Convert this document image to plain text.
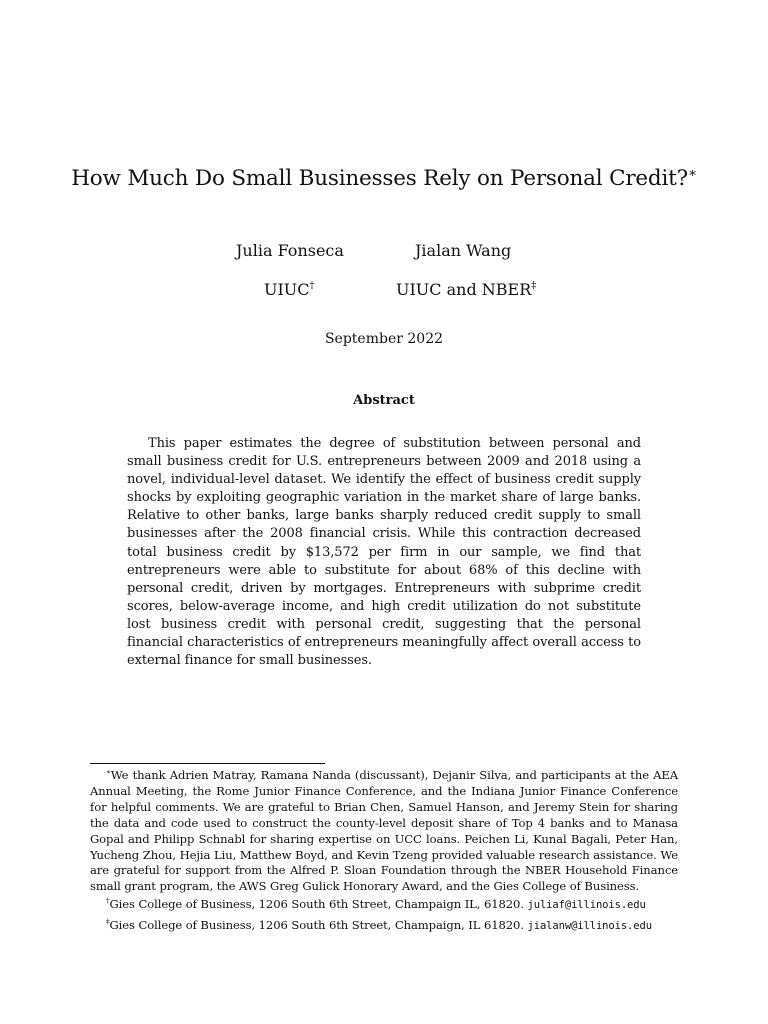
How Much Do Small Businesses Rely on Personal Credit?∗
Julia Fonseca	Jialan Wang
UIUC†	UIUC and NBER‡
September 2022
Abstract
This paper estimates the degree of substitution between personal and small business credit for U.S. entrepreneurs between 2009 and 2018 using a novel, individual-level dataset. We identify the effect of business credit supply shocks by exploiting geographic variation in the market share of large banks. Relative to other banks, large banks sharply reduced credit supply to small businesses after the 2008 financial crisis. While this contraction decreased total business credit by $13,572 per firm in our sample, we find that entrepreneurs were able to substitute for about 68% of this decline with personal credit, driven by mortgages. Entrepreneurs with subprime credit scores, below-average income, and high credit utilization do not substitute lost business credit with personal credit, suggesting that the personal financial characteristics of entrepreneurs meaningfully affect overall access to external finance for small businesses.
∗We thank Adrien Matray, Ramana Nanda (discussant), Dejanir Silva, and participants at the AEA Annual Meeting, the Rome Junior Finance Conference, and the Indiana Junior Finance Conference for helpful comments. We are grateful to Brian Chen, Samuel Hanson, and Jeremy Stein for sharing the data and code used to construct the county-level deposit share of Top 4 banks and to Manasa Gopal and Philipp Schnabl for sharing expertise on UCC loans. Peichen Li, Kunal Bagali, Peter Han, Yucheng Zhou, Hejia Liu, Matthew Boyd, and Kevin Tzeng provided valuable research assistance. We are grateful for support from the Alfred P. Sloan Foundation through the NBER Household Finance small grant program, the AWS Greg Gulick Honorary Award, and the Gies College of Business.
†Gies College of Business, 1206 South 6th Street, Champaign IL, 61820. juliaf@illinois.edu
‡Gies College of Business, 1206 South 6th Street, Champaign, IL 61820. jialanw@illinois.edu
